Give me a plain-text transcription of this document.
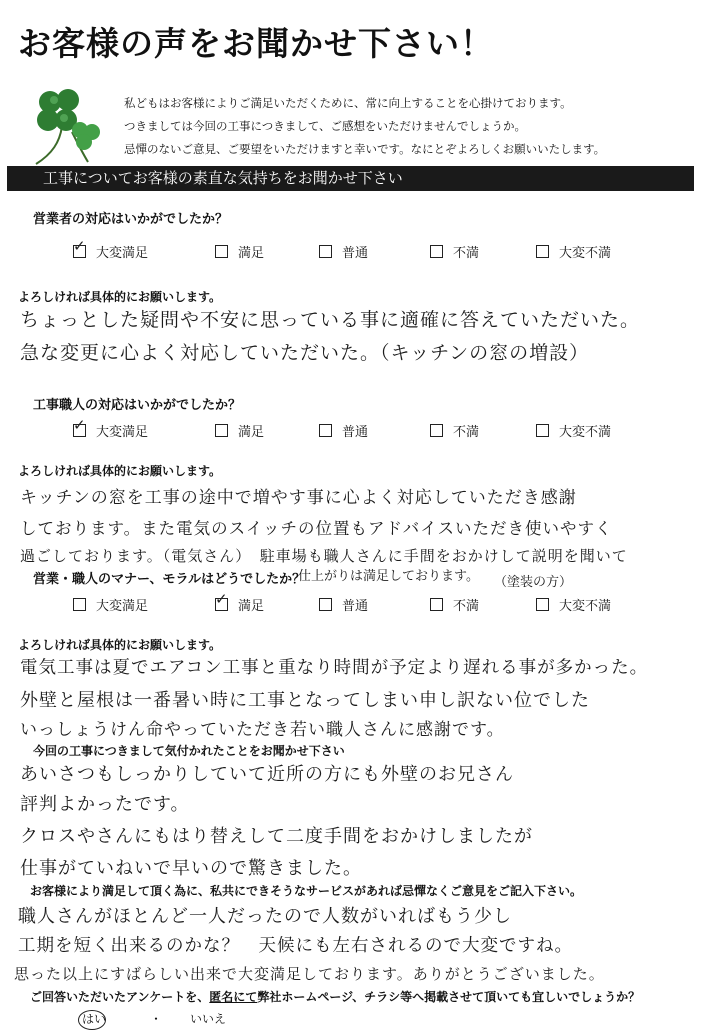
お客様の声をお聞かせ下さい！
私どもはお客様によりご満足いただくために、常に向上することを心掛けております。
つきましては今回の工事につきまして、ご感想をいただけませんでしょうか。
忌憚のないご意見、ご要望をいただけますと幸いです。なにとぞよろしくお願いいたします。
工事についてお客様の素直な気持ちをお聞かせ下さい
営業者の対応はいかがでしたか？
✓ 大変満足	満足	普通	不満	大変不満
よろしければ具体的にお願いします。
ちょっとした疑問や不安に思っている事に適確に答えていただいた。
急な変更に心よく対応していただいた。（キッチンの窓の増設）
工事職人の対応はいかがでしたか？
✓ 大変満足	満足	普通	不満	大変不満
よろしければ具体的にお願いします。
キッチンの窓を工事の途中で増やす事に心よく対応していただき感謝
しております。また電気のスイッチの位置もアドバイスいただき使いやすく
過ごしております。（電気さん）　駐車場も職人さんに手間をおかけして説明を聞いて
仕上がりは満足しております。 （塗装の方）
営業・職人のマナー、モラルはどうでしたか？
大変満足	✓ 満足	普通	不満	大変不満
よろしければ具体的にお願いします。
電気工事は夏でエアコン工事と重なり時間が予定より遅れる事が多かった。
外壁と屋根は一番暑い時に工事となってしまい申し訳ない位でした
いっしょうけん命やっていただき若い職人さんに感謝です。
今回の工事につきまして気付かれたことをお聞かせ下さい
あいさつもしっかりしていて近所の方にも外壁のお兄さん
評判よかったです。
クロスやさんにもはり替えして二度手間をおかけしましたが
仕事がていねいで早いので驚きました。
お客様により満足して頂く為に、私共にできそうなサービスがあれば忌憚なくご意見をご記入下さい。
職人さんがほとんど一人だったので人数がいればもう少し
工期を短く出来るのかな？　天候にも左右されるので大変ですね。
思った以上にすばらしい出来で大変満足しております。ありがとうございました。
ご回答いただいたアンケートを、匿名にて弊社ホームページ、チラシ等へ掲載させて頂いても宜しいでしょうか？
はい	・ いいえ
